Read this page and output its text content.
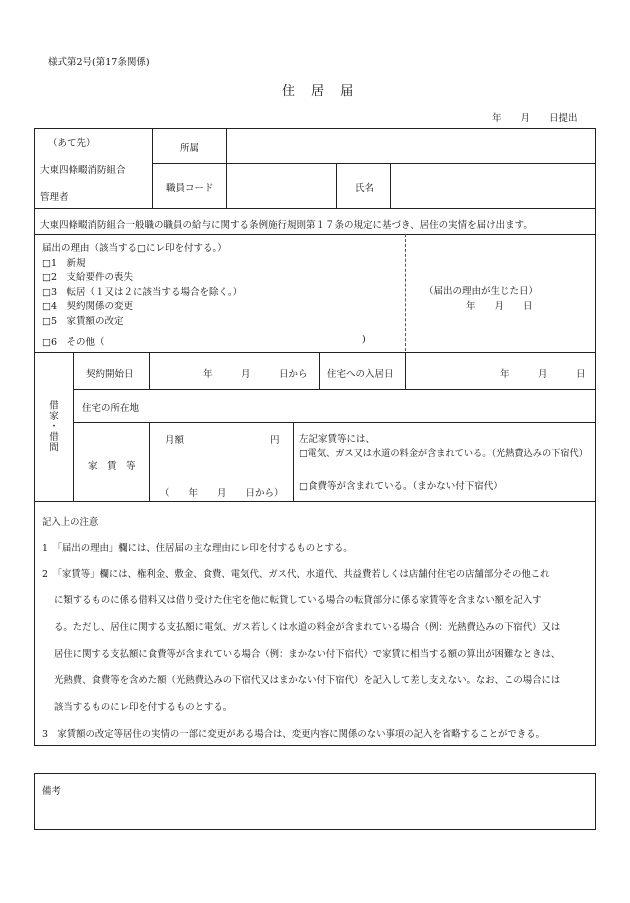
様式第2号(第17条関係)
住 居 届
年　　月　　日提出
（あて先）
大東四條畷消防組合
管理者
所属
職員コード	氏名
大東四條畷消防組合一般職の職員の給与に関する条例施行規則第１７条の規定に基づき、居住の実情を届け出ます。
届出の理由（該当する□にレ印を付する。）
□1　新規
□2　支給要件の喪失
□3　転居（１又は２に該当する場合を除く。）
□4　契約関係の変更
□5　家賃額の改定
□6　その他（	)
（届出の理由が生じた日）
年　　月　　日
借家・借間
契約開始日	年　　　月　　　日から 住宅への入居日	年　　　月　　　日
住宅の所在地
家　賃　等
月額	円
（　　年　　月　　日から）
左記家賃等には、
□電気、ガス又は水道の料金が含まれている。（光熱費込みの下宿代）
□食費等が含まれている。（まかない付下宿代）
記入上の注意
1　「届出の理由」欄には、住居届の主な理由にレ印を付するものとする。
2　「家賃等」欄には、権利金、敷金、食費、電気代、ガス代、水道代、共益費若しくは店舗付住宅の店舗部分その他これ
に類するものに係る借料又は借り受けた住宅を他に転貸している場合の転貸部分に係る家賃等を含まない額を記入す
る。ただし、居住に関する支払額に電気、ガス若しくは水道の料金が含まれている場合（例：光熱費込みの下宿代）又は
居住に関する支払額に食費等が含まれている場合（例：まかない付下宿代）で家賃に相当する額の算出が困難なときは、
光熱費、食費等を含めた額（光熱費込みの下宿代又はまかない付下宿代）を記入して差し支えない。なお、この場合には
該当するものにレ印を付するものとする。
3　家賃額の改定等居住の実情の一部に変更がある場合は、変更内容に関係のない事項の記入を省略することができる。
備考
